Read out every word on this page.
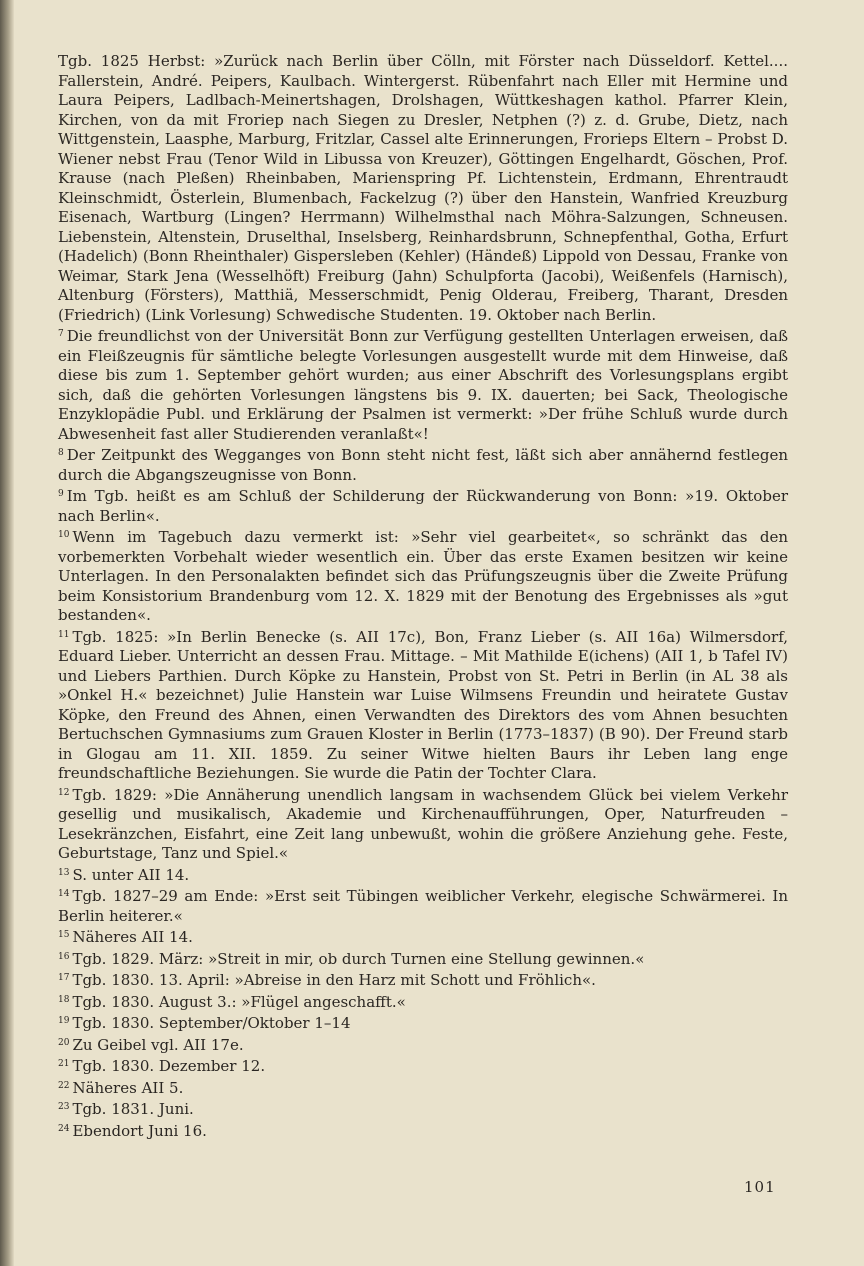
Tgb. 1825 Herbst: »Zurück nach Berlin über Cölln, mit Förster nach Düsseldorf. Kettel.... Fallerstein, André. Peipers, Kaulbach. Wintergerst. Rübenfahrt nach Eller mit Hermine und Laura Peipers, Ladlbach-Meinertshagen, Drolshagen, Wüttkeshagen kathol. Pfarrer Klein, Kirchen, von da mit Froriep nach Siegen zu Dresler, Netphen (?) z. d. Grube, Dietz, nach Wittgenstein, Laasphe, Marburg, Fritzlar, Cassel alte Erinnerungen, Frorieps Eltern – Probst D. Wiener nebst Frau (Tenor Wild in Libussa von Kreuzer), Göttingen Engelhardt, Göschen, Prof. Krause (nach Pleßen) Rheinbaben, Marienspring Pf. Lichtenstein, Erdmann, Ehrentraudt Kleinschmidt, Österlein, Blumenbach, Fackelzug (?) über den Hanstein, Wanfried Kreuzburg Eisenach, Wartburg (Lingen? Herrmann) Wilhelmsthal nach Möhra-Salzungen, Schneusen. Liebenstein, Altenstein, Druselthal, Inselsberg, Reinhardsbrunn, Schnepfenthal, Gotha, Erfurt (Hadelich) (Bonn Rheinthaler) Gispersleben (Kehler) (Händeß) Lippold von Dessau, Franke von Weimar, Stark Jena (Wesselhöft) Freiburg (Jahn) Schulpforta (Jacobi), Weißenfels (Harnisch), Altenburg (Försters), Matthiä, Messerschmidt, Penig Olderau, Freiberg, Tharant, Dresden (Friedrich) (Link Vorlesung) Schwedische Studenten. 19. Oktober nach Berlin.

$^7$ Die freundlichst von der Universität Bonn zur Verfügung gestellten Unterlagen erweisen, daß ein Fleißzeugnis für sämtliche belegte Vorlesungen ausgestellt wurde mit dem Hinweise, daß diese bis zum 1. September gehört wurden; aus einer Abschrift des Vorlesungsplans ergibt sich, daß die gehörten Vorlesungen längstens bis 9. IX. dauerten; bei Sack, Theologische Enzyklopädie Publ. und Erklärung der Psalmen ist vermerkt: »Der frühe Schluß wurde durch Abwesenheit fast aller Studierenden veranlaßt«!

$^8$ Der Zeitpunkt des Wegganges von Bonn steht nicht fest, läßt sich aber annähernd festlegen durch die Abgangszeugnisse von Bonn.

$^9$ Im Tgb. heißt es am Schluß der Schilderung der Rückwanderung von Bonn: »19. Oktober nach Berlin«.

$^{10}$ Wenn im Tagebuch dazu vermerkt ist: »Sehr viel gearbeitet«, so schränkt das den vorbemerkten Vorbehalt wieder wesentlich ein. Über das erste Examen besitzen wir keine Unterlagen. In den Personalakten befindet sich das Prüfungszeugnis über die Zweite Prüfung beim Konsistorium Brandenburg vom 12. X. 1829 mit der Benotung des Ergebnisses als »gut bestanden«.

$^{11}$ Tgb. 1825: »In Berlin Benecke (s. AII 17c), Bon, Franz Lieber (s. AII 16a) Wilmersdorf, Eduard Lieber. Unterricht an dessen Frau. Mittage. – Mit Mathilde E(ichens) (AII 1, b Tafel IV) und Liebers Parthien. Durch Köpke zu Hanstein, Probst von St. Petri in Berlin (in AL 38 als »Onkel H.« bezeichnet) Julie Hanstein war Luise Wilmsens Freundin und heiratete Gustav Köpke, den Freund des Ahnen, einen Verwandten des Direktors des vom Ahnen besuchten Bertuchschen Gymnasiums zum Grauen Kloster in Berlin (1773–1837) (B 90). Der Freund starb in Glogau am 11. XII. 1859. Zu seiner Witwe hielten Baurs ihr Leben lang enge freundschaftliche Beziehungen. Sie wurde die Patin der Tochter Clara.

$^{12}$ Tgb. 1829: »Die Annäherung unendlich langsam in wachsendem Glück bei vielem Verkehr gesellig und musikalisch, Akademie und Kirchenaufführungen, Oper, Naturfreuden – Lesekränzchen, Eisfahrt, eine Zeit lang unbewußt, wohin die größere Anziehung gehe. Feste, Geburtstage, Tanz und Spiel.«

$^{13}$ S. unter AII 14.

$^{14}$ Tgb. 1827–29 am Ende: »Erst seit Tübingen weiblicher Verkehr, elegische Schwärmerei. In Berlin heiterer.«

$^{15}$ Näheres AII 14.

$^{16}$ Tgb. 1829. März: »Streit in mir, ob durch Turnen eine Stellung gewinnen.«

$^{17}$ Tgb. 1830. 13. April: »Abreise in den Harz mit Schott und Fröhlich«.

$^{18}$ Tgb. 1830. August 3.: »Flügel angeschafft.«

$^{19}$ Tgb. 1830. September/Oktober 1–14

$^{20}$ Zu Geibel vgl. AII 17e.

$^{21}$ Tgb. 1830. Dezember 12.

$^{22}$ Näheres AII 5.

$^{23}$ Tgb. 1831. Juni.

$^{24}$ Ebendort Juni 16.

101
